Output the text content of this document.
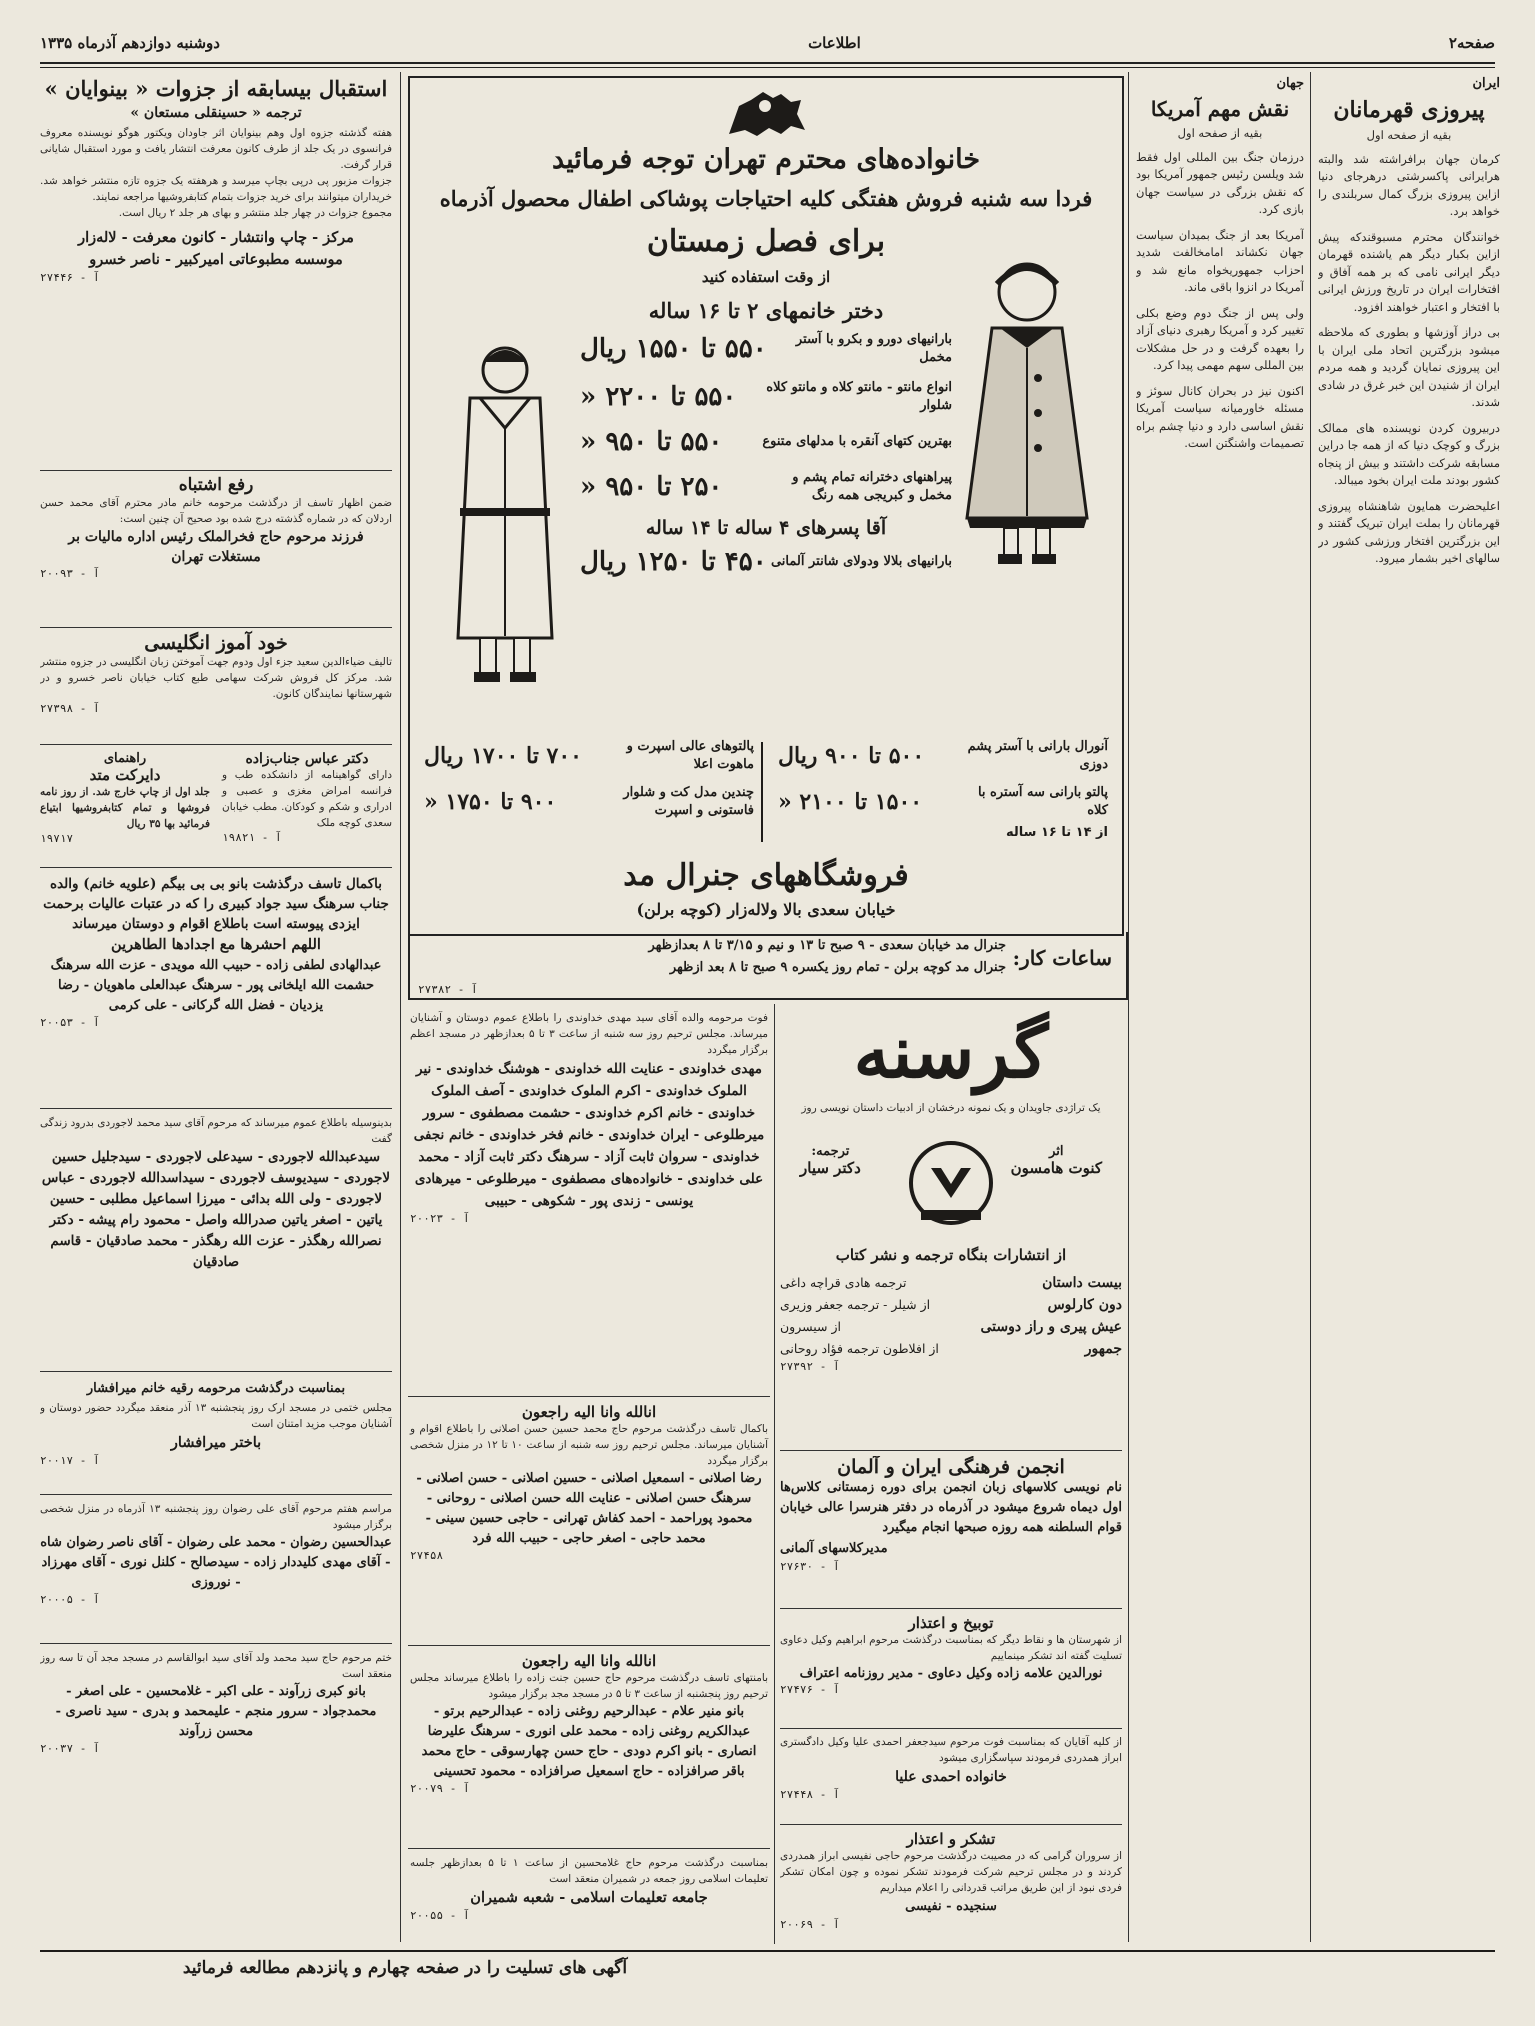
صفحه۲
اطلاعات
دوشنبه دوازدهم آذرماه ۱۳۳۵
ایران
پیروزی قهرمانان
بقیه از صفحه اول

کرمان جهان برافراشته شد والبته هرایرانی پاکسرشتی درهرجای دنیا ازاین پیروزی بزرگ کمال سربلندی را خواهد برد.

خوانندگان محترم مسبوقندکه پیش ازاین بکبار دیگر هم یاشنده قهرمان دیگر ایرانی نامی که بر همه آفاق و افتخارات ایران در تاریخ ورزش ایرانی با افتخار و اعتبار خواهند افزود.

بی دراز آوزشها و بطوری که ملاحظه میشود بزرگترین اتحاد ملی ایران با این پیروزی نمایان گردید و همه مردم ایران از شنیدن این خبر غرق در شادی شدند.

دربیرون کردن نویسنده های ممالک بزرگ و کوچک دنیا که از همه جا دراین مسابقه شرکت داشتند و بیش از پنجاه کشور بودند ملت ایران بخود میبالد.

اعلیحضرت همایون شاهنشاه پیروزی قهرمانان را بملت ایران تبریک گفتند و این بزرگترین افتخار ورزشی کشور در سالهای اخیر بشمار میرود.

جهان
نقش مهم آمریکا
بقیه از صفحه اول

درزمان جنگ بین المللی اول فقط شد ویلسن رئیس جمهور آمریکا بود که نقش بزرگی در سیاست جهان بازی کرد.

آمریکا بعد از جنگ بمیدان سیاست جهان نکشاند امامخالفت شدید احزاب جمهوریخواه مانع شد و آمریکا در انزوا باقی ماند.

ولی پس از جنگ دوم وضع بکلی تغییر کرد و آمریکا رهبری دنیای آزاد را بعهده گرفت و در حل مشکلات بین المللی سهم مهمی پیدا کرد.

اکنون نیز در بحران کانال سوئز و مسئله خاورمیانه سیاست آمریکا نقش اساسی دارد و دنیا چشم براه تصمیمات واشنگتن است.

خانواده‌های محترم تهران توجه فرمائید
فردا سه شنبه فروش هفتگی کلیه احتیاجات پوشاکی اطفال محصول آذرماه
برای فصل زمستان
از وقت استفاده کنید
دختر خانمهای ۲ تا ۱۶ ساله
بارانیهای دورو و بکرو با آستر مخمل
۵۵۰ تا ۱۵۵۰ ریال
انواع مانتو - مانتو کلاه و مانتو کلاه شلوار
۵۵۰ تا ۲۲۰۰ «
بهترین کتهای آنقره با مدلهای متنوع
۵۵۰ تا ۹۵۰ «
پیراهنهای دخترانه تمام پشم و مخمل و کبریجی همه رنگ
۲۵۰ تا ۹۵۰ «
آقا پسرهای ۴ ساله تا ۱۴ ساله
بارانیهای بلالا ودولای شانتر آلمانی
۴۵۰ تا ۱۲۵۰ ریال
آنورال بارانی با آستر پشم دوزی
۵۰۰ تا ۹۰۰ ریال
پالتو بارانی سه آستره با کلاه
۱۵۰۰ تا ۲۱۰۰ «
از ۱۴ تا ۱۶ ساله
پالتوهای عالی اسپرت و ماهوت اعلا
۷۰۰ تا ۱۷۰۰ ریال
چندین مدل کت و شلوار فاستونی و اسپرت
۹۰۰ تا ۱۷۵۰ «
فروشگاههای جنرال مد
خیابان سعدی بالا ولاله‌زار (کوچه برلن)
ساعات کار:
جنرال مد خیابان سعدی - ۹ صبح تا ۱۳ و نیم و ۳/۱۵ تا ۸ بعدازظهر
جنرال مد کوچه برلن - تمام روز یکسره ۹ صبح تا ۸ بعد ازظهر
آ - ۲۷۳۸۲
استقبال بیسابقه از جزوات « بینوایان »
ترجمه « حسینقلی مستعان »

هفته گذشته جزوه اول وهم بینوایان اثر جاودان ویکتور هوگو نویسنده معروف فرانسوی در یک جلد از طرف کانون معرفت انتشار یافت و مورد استقبال شایانی قرار گرفت.

جزوات مزبور پی درپی بچاپ میرسد و هرهفته یک جزوه تازه منتشر خواهد شد. خریداران میتوانند برای خرید جزوات بتمام کتابفروشیها مراجعه نمایند.

مجموع جزوات در چهار جلد منتشر و بهای هر جلد ۲ ریال است.

مرکز - چاپ وانتشار - کانون معرفت - لاله‌زار
موسسه مطبوعاتی امیرکبیر - ناصر خسرو
آ - ۲۷۴۴۶
رفع اشتباه
ضمن اظهار تاسف از درگذشت مرحومه خانم مادر محترم آقای محمد حسن اردلان که در شماره گذشته درج شده بود صحیح آن چنین است:
فرزند مرحوم حاج فخرالملک رئیس اداره مالیات بر مستغلات تهران
آ - ۲۰۰۹۳
خود آموز انگلیسی
تالیف ضیاءالدین سعید جزء اول ودوم جهت آموختن زبان انگلیسی در جزوه منتشر شد. مرکز کل فروش شرکت سهامی طبع کتاب خیابان ناصر خسرو و در شهرستانها نمایندگان کانون.
آ - ۲۷۳۹۸
دکتر عباس جناب‌زاده
دارای گواهینامه از دانشکده طب و فرانسه امراض مغزی و عصبی و ادراری و شکم و کودکان. مطب خیابان سعدی کوچه ملک
آ - ۱۹۸۲۱
راهنمای
دایرکت متد
جلد اول از چاپ خارج شد. از روز نامه فروشها و تمام کتابفروشیها ابتیاع فرمائید بها ۳۵ ریال
۱۹۷۱۷
باکمال تاسف درگذشت بانو بی بی بیگم (علویه خانم) والده جناب سرهنگ سید جواد کبیری را که در عتبات عالیات برحمت ایزدی پیوسته است باطلاع اقوام و دوستان میرساند
اللهم احشرها مع اجدادها الطاهرین
عبدالهادی لطفی زاده - حبیب الله مویدی - عزت الله سرهنگ حشمت الله ایلخانی پور - سرهنگ عبدالعلی ماهویان - رضا یزدیان - فضل الله گرکانی - علی کرمی
آ - ۲۰۰۵۳
بدینوسیله باطلاع عموم میرساند که مرحوم آقای سید محمد لاجوردی بدرود زندگی گفت
سیدعبدالله لاجوردی - سیدعلی لاجوردی - سیدجلیل حسین لاجوردی - سیدیوسف لاجوردی - سیداسدالله لاجوردی - عباس لاجوردی - ولی الله بدائی - میرزا اسماعیل مطلبی - حسین یاتین - اصغر یاتین صدرالله واصل - محمود رام پیشه - دکتر نصرالله رهگذر - عزت الله رهگذر - محمد صادقیان - قاسم صادقیان
بمناسبت درگذشت مرحومه رقیه خانم میرافشار
مجلس ختمی در مسجد ارک روز پنجشنبه ۱۳ آذر منعقد میگردد حضور دوستان و آشنایان موجب مزید امتنان است
باختر میرافشار
آ - ۲۰۰۱۷
مراسم هفتم مرحوم آقای علی رضوان روز پنجشنبه ۱۳ آذرماه در منزل شخصی برگزار میشود
عبدالحسین رضوان - محمد علی رضوان - آقای ناصر رضوان شاه - آقای مهدی کلیددار زاده - سیدصالح - کلنل نوری - آقای مهرزاد - نوروزی
آ - ۲۰۰۰۵
ختم مرحوم حاج سید محمد ولد آقای سید ابوالقاسم در مسجد مجد آن تا سه روز منعقد است
بانو کبری زرآوند - علی اکبر - غلامحسین - علی اصغر - محمدجواد - سرور منجم - علیمحمد و بدری - سید ناصری - محسن زرآوند
آ - ۲۰۰۳۷
فوت مرحومه والده آقای سید مهدی خداوندی را باطلاع عموم دوستان و آشنایان میرساند. مجلس ترحیم روز سه شنبه از ساعت ۳ تا ۵ بعدازظهر در مسجد اعظم برگزار میگردد
مهدی خداوندی - عنایت الله خداوندی - هوشنگ خداوندی - نیر الملوک خداوندی - اکرم الملوک خداوندی - آصف الملوک خداوندی - خانم اکرم خداوندی - حشمت مصطفوی - سرور میرطلوعی - ایران خداوندی - خانم فخر خداوندی - خانم نجفی خداوندی - سروان ثابت آزاد - سرهنگ دکتر ثابت آزاد - محمد علی خداوندی - خانواده‌های مصطفوی - میرطلوعی - میرهادی یونسی - زندی پور - شکوهی - حبیبی
آ - ۲۰۰۲۳
انالله وانا الیه راجعون
باکمال تاسف درگذشت مرحوم حاج محمد حسین حسن اصلانی را باطلاع اقوام و آشنایان میرساند. مجلس ترحیم روز سه شنبه از ساعت ۱۰ تا ۱۲ در منزل شخصی برگزار میگردد
رضا اصلانی - اسمعیل اصلانی - حسین اصلانی - حسن اصلانی - سرهنگ حسن اصلانی - عنایت الله حسن اصلانی - روحانی - محمود پوراحمد - احمد کفاش تهرانی - حاجی حسین سینی - محمد حاجی - اصغر حاجی - حبیب الله فرد
۲۷۴۵۸
انالله وانا الیه راجعون
بامنتهای تاسف درگذشت مرحوم حاج حسین جنت زاده را باطلاع میرساند مجلس ترحیم روز پنجشنبه از ساعت ۳ تا ۵ در مسجد مجد برگزار میشود
بانو منیر علام - عبدالرحیم روغنی زاده - عبدالرحیم برتو - عبدالکریم روغنی زاده - محمد علی انوری - سرهنگ علیرضا انصاری - بانو اکرم دودی - حاج حسن چهارسوقی - حاج محمد باقر صرافزاده - حاج اسمعیل صرافزاده - محمود تحسینی
آ - ۲۰۰۷۹
بمناسبت درگذشت مرحوم حاج غلامحسین از ساعت ۱ تا ۵ بعدازظهر جلسه تعلیمات اسلامی روز جمعه در شمیران منعقد است
جامعه تعلیمات اسلامی - شعبه شمیران
آ - ۲۰۰۵۵
گرسنه
یک تراژدی جاویدان و یک نمونه درخشان از ادبیات داستان نویسی روز
اثر
کنوت هامسون
ترجمه:
دکتر سیار
از انتشارات بنگاه ترجمه و نشر کتاب
بیست داستان
ترجمه هادی قراچه داغی
دون کارلوس
از شیلر - ترجمه جعفر وزیری
عیش پیری و راز دوستی
از سیسرون
جمهور
از افلاطون ترجمه فؤاد روحانی
آ - ۲۷۳۹۲
انجمن فرهنگی ایران و آلمان
نام نویسی کلاسهای زبان انجمن برای دوره زمستانی کلاس‌ها اول دیماه شروع میشود در آذرماه در دفتر هنرسرا عالی خیابان قوام السلطنه همه روزه صبحها انجام میگیرد
مدیرکلاسهای آلمانی
آ - ۲۷۶۳۰
توبیخ و اعتذار
از شهرستان ها و نقاط دیگر که بمناسبت درگذشت مرحوم ابراهیم وکیل دعاوی تسلیت گفته اند تشکر مینماییم
نورالدین علامه زاده وکیل دعاوی - مدیر روزنامه اعتراف
آ - ۲۷۴۷۶
از کلیه آقایان که بمناسبت فوت مرحوم سیدجعفر احمدی علیا وکیل دادگستری ابراز همدردی فرمودند سپاسگزاری میشود
خانواده احمدی علیا
آ - ۲۷۴۴۸
تشکر و اعتذار
از سروران گرامی که در مصیبت درگذشت مرحوم حاجی نفیسی ابراز همدردی کردند و در مجلس ترحیم شرکت فرمودند تشکر نموده و چون امکان تشکر فردی نبود از این طریق مراتب قدردانی را اعلام میداریم
سنجیده - نفیسی
آ - ۲۰۰۶۹
آگهی های تسلیت را در صفحه چهارم و پانزدهم مطالعه فرمائید
